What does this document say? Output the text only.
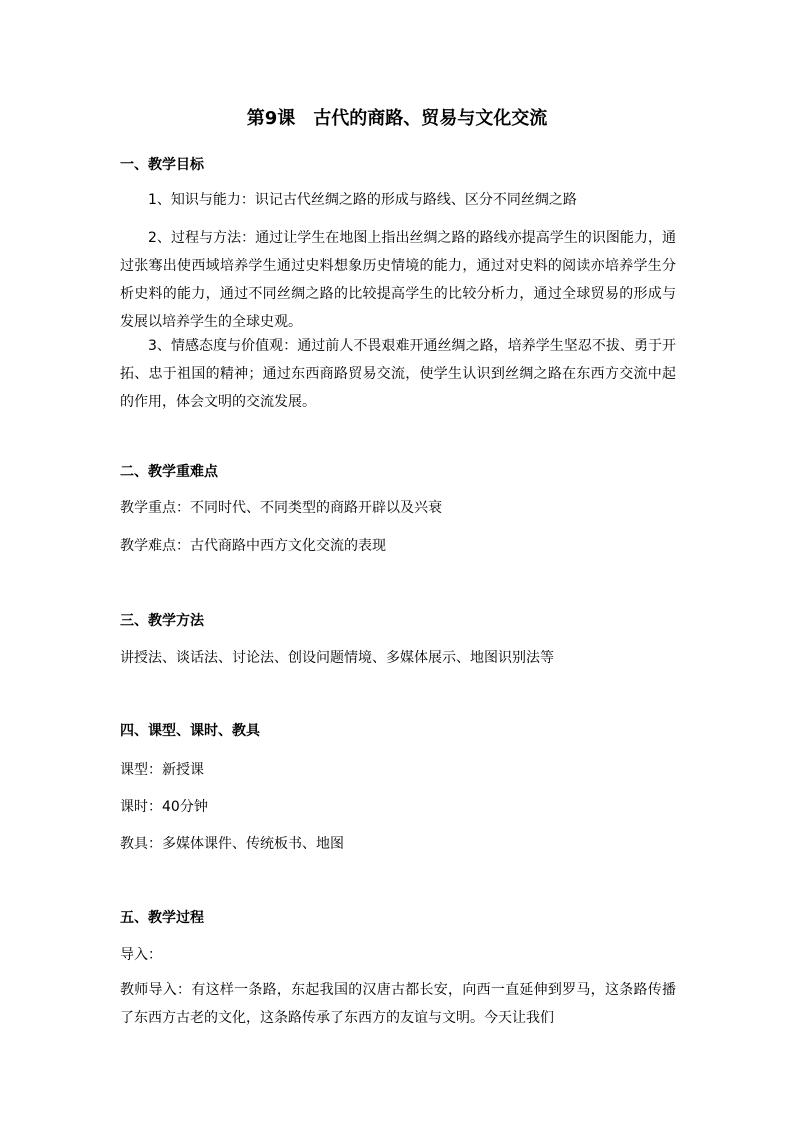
第9课 古代的商路、贸易与文化交流
一、教学目标
1、知识与能力：识记古代丝绸之路的形成与路线、区分不同丝绸之路
2、过程与方法：通过让学生在地图上指出丝绸之路的路线亦提高学生的识图能力，通过张骞出使西域培养学生通过史料想象历史情境的能力，通过对史料的阅读亦培养学生分析史料的能力，通过不同丝绸之路的比较提高学生的比较分析力，通过全球贸易的形成与发展以培养学生的全球史观。
3、情感态度与价值观：通过前人不畏艰难开通丝绸之路，培养学生坚忍不拔、勇于开拓、忠于祖国的精神；通过东西商路贸易交流，使学生认识到丝绸之路在东西方交流中起的作用，体会文明的交流发展。
二、教学重难点
教学重点：不同时代、不同类型的商路开辟以及兴衰
教学难点：古代商路中西方文化交流的表现
三、教学方法
讲授法、谈话法、讨论法、创设问题情境、多媒体展示、地图识别法等
四、课型、课时、教具
课型：新授课
课时：40分钟
教具：多媒体课件、传统板书、地图
五、教学过程
导入：
教师导入：有这样一条路，东起我国的汉唐古都长安，向西一直延伸到罗马，这条路传播了东西方古老的文化，这条路传承了东西方的友谊与文明。今天让我们
